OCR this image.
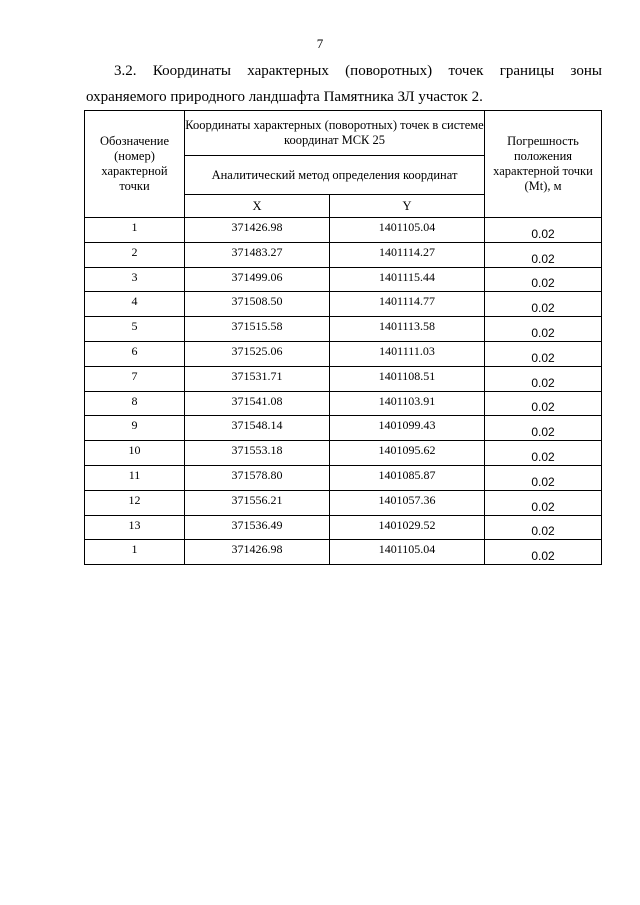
7
3.2. Координаты характерных (поворотных) точек границы зоны
охраняемого природного ландшафта Памятника ЗЛ участок 2.
Обозначение (номер) характерной точки	Координаты характерных (поворотных) точек в системе координат МСК 25		Погрешность положения характерной точки (Mt), м
	Аналитический метод определения координат		
	X	Y	
1	371426.98	1401105.04	0.02
2	371483.27	1401114.27	0.02
3	371499.06	1401115.44	0.02
4	371508.50	1401114.77	0.02
5	371515.58	1401113.58	0.02
6	371525.06	1401111.03	0.02
7	371531.71	1401108.51	0.02
8	371541.08	1401103.91	0.02
9	371548.14	1401099.43	0.02
10	371553.18	1401095.62	0.02
11	371578.80	1401085.87	0.02
12	371556.21	1401057.36	0.02
13	371536.49	1401029.52	0.02
1	371426.98	1401105.04	0.02
